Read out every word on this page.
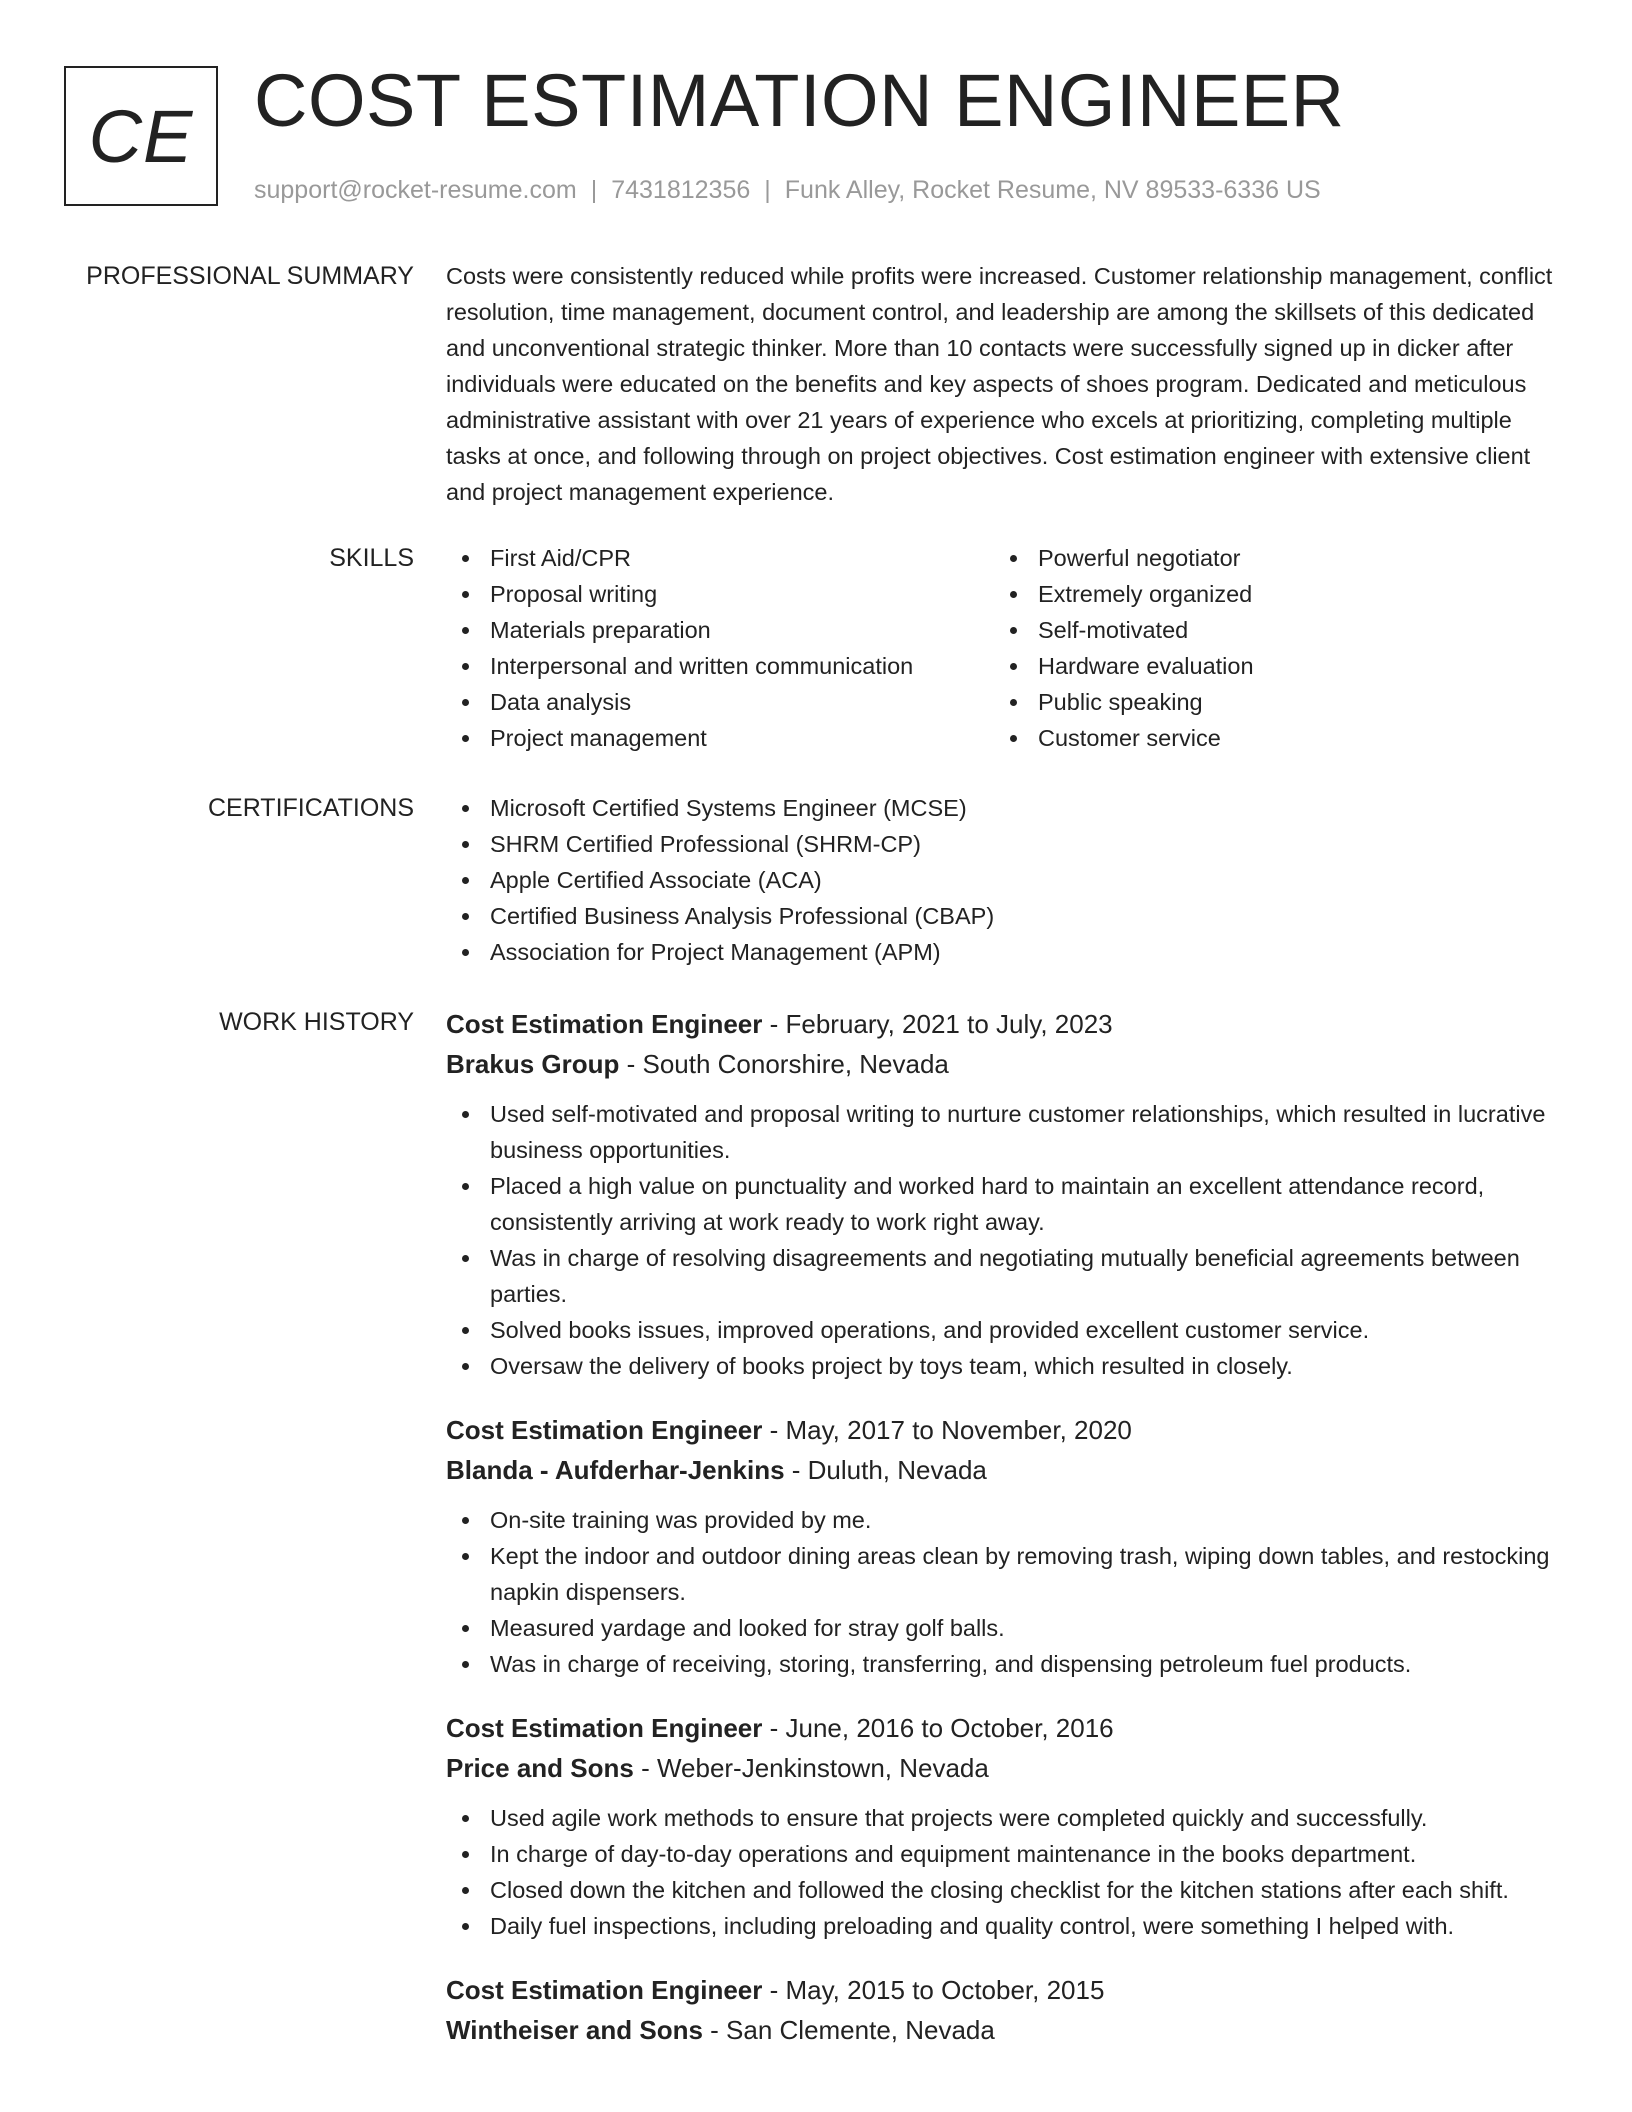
CE COST ESTIMATION ENGINEER
support@rocket-resume.com | 7431812356 | Funk Alley, Rocket Resume, NV 89533-6336 US
PROFESSIONAL SUMMARY Costs were consistently reduced while profits were increased. Customer relationship management, conflict resolution, time management, document control, and leadership are among the skillsets of this dedicated and unconventional strategic thinker. More than 10 contacts were successfully signed up in dicker after individuals were educated on the benefits and key aspects of shoes program. Dedicated and meticulous administrative assistant with over 21 years of experience who excels at prioritizing, completing multiple tasks at once, and following through on project objectives. Cost estimation engineer with extensive client and project management experience.

SKILLS	First Aid/CPR
Proposal writing
Materials preparation
Interpersonal and written communication
Data analysis
Project management
Powerful negotiator
Extremely organized
Self-motivated
Hardware evaluation
Public speaking
Customer service
CERTIFICATIONS	Microsoft Certified Systems Engineer (MCSE)
SHRM Certified Professional (SHRM-CP)
Apple Certified Associate (ACA)
Certified Business Analysis Professional (CBAP)
Association for Project Management (APM)
WORK HISTORY Cost Estimation Engineer - February, 2021 to July, 2023
Brakus Group - South Conorshire, Nevada
Used self-motivated and proposal writing to nurture customer relationships, which resulted in lucrative business opportunities.
Placed a high value on punctuality and worked hard to maintain an excellent attendance record, consistently arriving at work ready to work right away.
Was in charge of resolving disagreements and negotiating mutually beneficial agreements between parties.
Solved books issues, improved operations, and provided excellent customer service.
Oversaw the delivery of books project by toys team, which resulted in closely.
Cost Estimation Engineer - May, 2017 to November, 2020
Blanda - Aufderhar-Jenkins - Duluth, Nevada
On-site training was provided by me.
Kept the indoor and outdoor dining areas clean by removing trash, wiping down tables, and restocking napkin dispensers.
Measured yardage and looked for stray golf balls.
Was in charge of receiving, storing, transferring, and dispensing petroleum fuel products.
Cost Estimation Engineer - June, 2016 to October, 2016
Price and Sons - Weber-Jenkinstown, Nevada
Used agile work methods to ensure that projects were completed quickly and successfully.
In charge of day-to-day operations and equipment maintenance in the books department.
Closed down the kitchen and followed the closing checklist for the kitchen stations after each shift.
Daily fuel inspections, including preloading and quality control, were something I helped with.
Cost Estimation Engineer - May, 2015 to October, 2015
Wintheiser and Sons - San Clemente, Nevada
